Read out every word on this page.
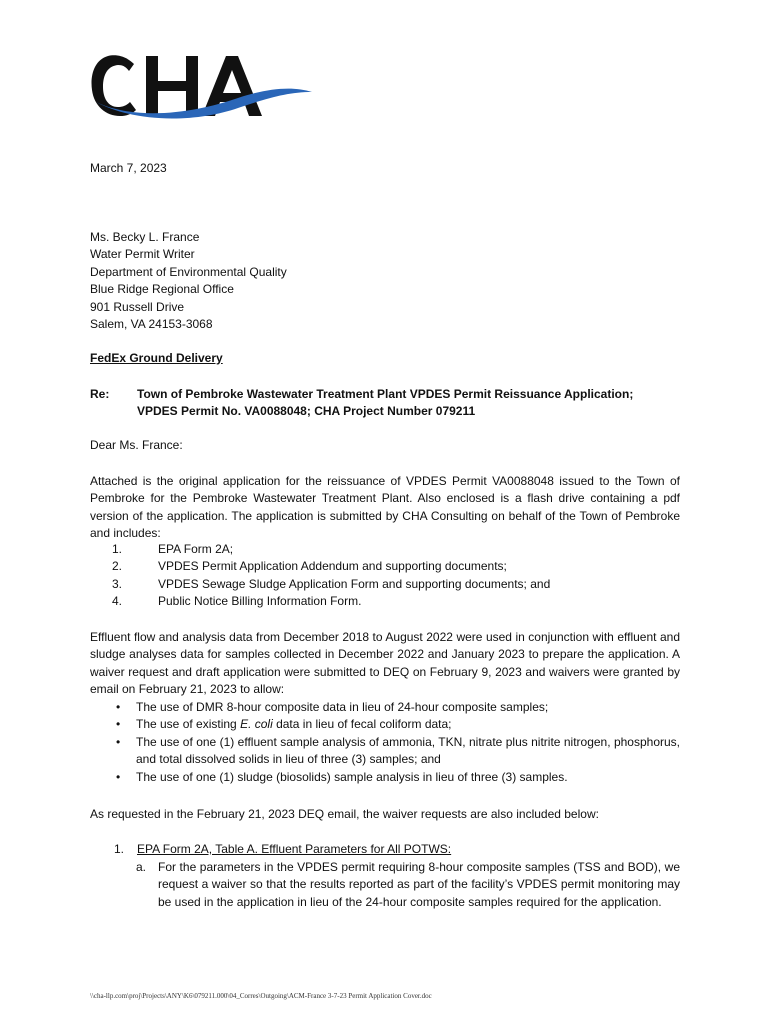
March 7, 2023
Ms. Becky L. France
Water Permit Writer
Department of Environmental Quality
Blue Ridge Regional Office
901 Russell Drive
Salem, VA 24153-3068
FedEx Ground Delivery
Re: Town of Pembroke Wastewater Treatment Plant VPDES Permit Reissuance Application;
VPDES Permit No. VA0088048; CHA Project Number 079211
Dear Ms. France:
Attached is the original application for the reissuance of VPDES Permit VA0088048 issued to the Town of Pembroke for the Pembroke Wastewater Treatment Plant. Also enclosed is a flash drive containing a pdf version of the application. The application is submitted by CHA Consulting on behalf of the Town of Pembroke and includes:
1.	EPA Form 2A;
2.	VPDES Permit Application Addendum and supporting documents;
3.	VPDES Sewage Sludge Application Form and supporting documents; and
4.	Public Notice Billing Information Form.
Effluent flow and analysis data from December 2018 to August 2022 were used in conjunction with effluent and sludge analyses data for samples collected in December 2022 and January 2023 to prepare the application. A waiver request and draft application were submitted to DEQ on February 9, 2023 and waivers were granted by email on February 21, 2023 to allow:
• The use of DMR 8-hour composite data in lieu of 24-hour composite samples;
• The use of existing E. coli data in lieu of fecal coliform data;
• The use of one (1) effluent sample analysis of ammonia, TKN, nitrate plus nitrite nitrogen, phosphorus, and total dissolved solids in lieu of three (3) samples; and
• The use of one (1) sludge (biosolids) sample analysis in lieu of three (3) samples.
As requested in the February 21, 2023 DEQ email, the waiver requests are also included below:
1. EPA Form 2A, Table A. Effluent Parameters for All POTWS:
a. For the parameters in the VPDES permit requiring 8-hour composite samples (TSS and BOD), we request a waiver so that the results reported as part of the facility’s VPDES permit monitoring may be used in the application in lieu of the 24-hour composite samples required for the application.
\\cha-llp.com\proj\Projects\ANY\K6\079211.000\04_Corres\Outgoing\ACM-France 3-7-23 Permit Application Cover.doc
